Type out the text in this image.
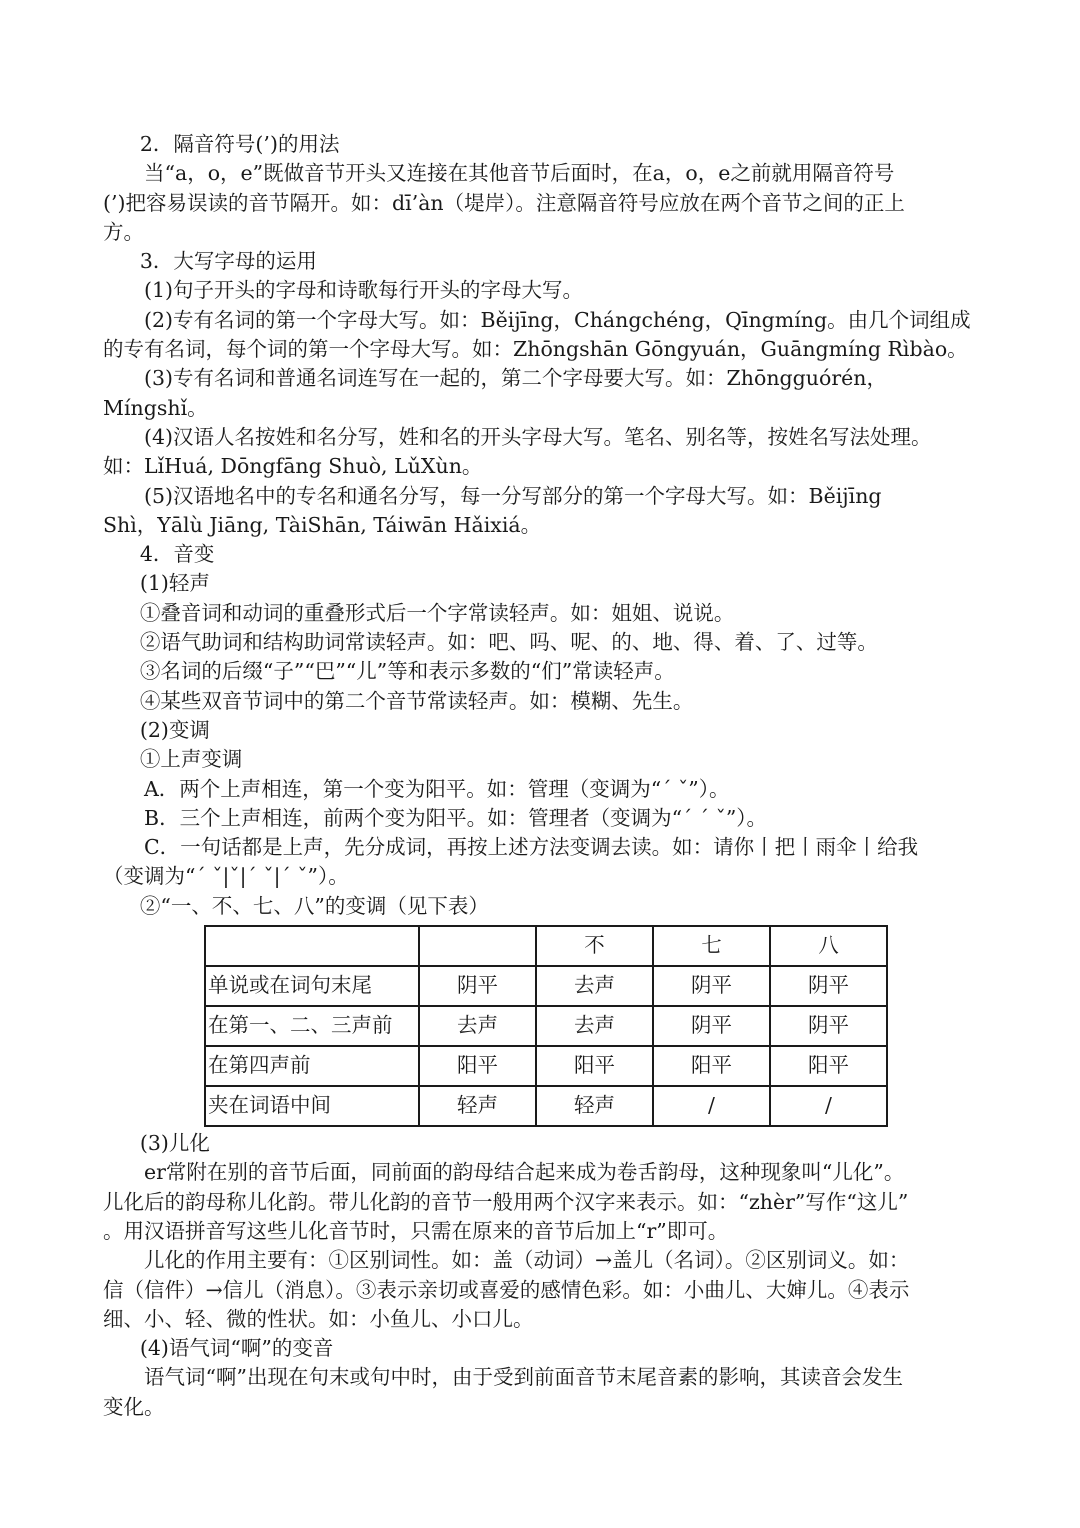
2．隔音符号(’)的用法
当“a，o，e”既做音节开头又连接在其他音节后面时，在a，o，e之前就用隔音符号
(’)把容易误读的音节隔开。如：dī’àn（堤岸）。注意隔音符号应放在两个音节之间的正上
方。
3．大写字母的运用
(1)句子开头的字母和诗歌每行开头的字母大写。
(2)专有名词的第一个字母大写。如：Běijīng，Chángchéng，Qīngmíng。由几个词组成
的专有名词，每个词的第一个字母大写。如：Zhōngshān Gōngyuán，Guāngmíng Rìbào。
(3)专有名词和普通名词连写在一起的，第二个字母要大写。如：Zhōngguórén，
Míngshǐ。
(4)汉语人名按姓和名分写，姓和名的开头字母大写。笔名、别名等，按姓名写法处理。
如：LǐHuá, Dōngfāng Shuò, LǔXùn。
(5)汉语地名中的专名和通名分写，每一分写部分的第一个字母大写。如：Běijīng
Shì，Yālù Jiāng, TàiShān, Táiwān Hǎixiá。
4．音变
(1)轻声
①叠音词和动词的重叠形式后一个字常读轻声。如：姐姐、说说。
②语气助词和结构助词常读轻声。如：吧、吗、呢、的、地、得、着、了、过等。
③名词的后缀“子”“巴”“儿”等和表示多数的“们”常读轻声。
④某些双音节词中的第二个音节常读轻声。如：模糊、先生。
(2)变调
①上声变调
A．两个上声相连，第一个变为阳平。如：管理（变调为“ˊ ˇ”）。
B．三个上声相连，前两个变为阳平。如：管理者（变调为“ˊ ˊ ˇ”）。
C．一句话都是上声，先分成词，再按上述方法变调去读。如：请你丨把丨雨伞丨给我
（变调为“ˊ ˇ|ˇ|ˊ ˇ|ˊ ˇ”）。
②“一、不、七、八”的变调（见下表）
		不	七	八
单说或在词句末尾	阴平	去声	阴平	阴平
在第一、二、三声前	去声	去声	阴平	阴平
在第四声前	阳平	阳平	阳平	阳平
夹在词语中间	轻声	轻声	/	/
(3)儿化
er常附在别的音节后面，同前面的韵母结合起来成为卷舌韵母，这种现象叫“儿化”。
儿化后的韵母称儿化韵。带儿化韵的音节一般用两个汉字来表示。如：“zhèr”写作“这儿”
。用汉语拼音写这些儿化音节时，只需在原来的音节后加上“r”即可。
儿化的作用主要有：①区别词性。如：盖（动词）→盖儿（名词）。②区别词义。如：
信（信件）→信儿（消息）。③表示亲切或喜爱的感情色彩。如：小曲儿、大婶儿。④表示
细、小、轻、微的性状。如：小鱼儿、小口儿。
(4)语气词“啊”的变音
语气词“啊”出现在句末或句中时，由于受到前面音节末尾音素的影响，其读音会发生
变化。
